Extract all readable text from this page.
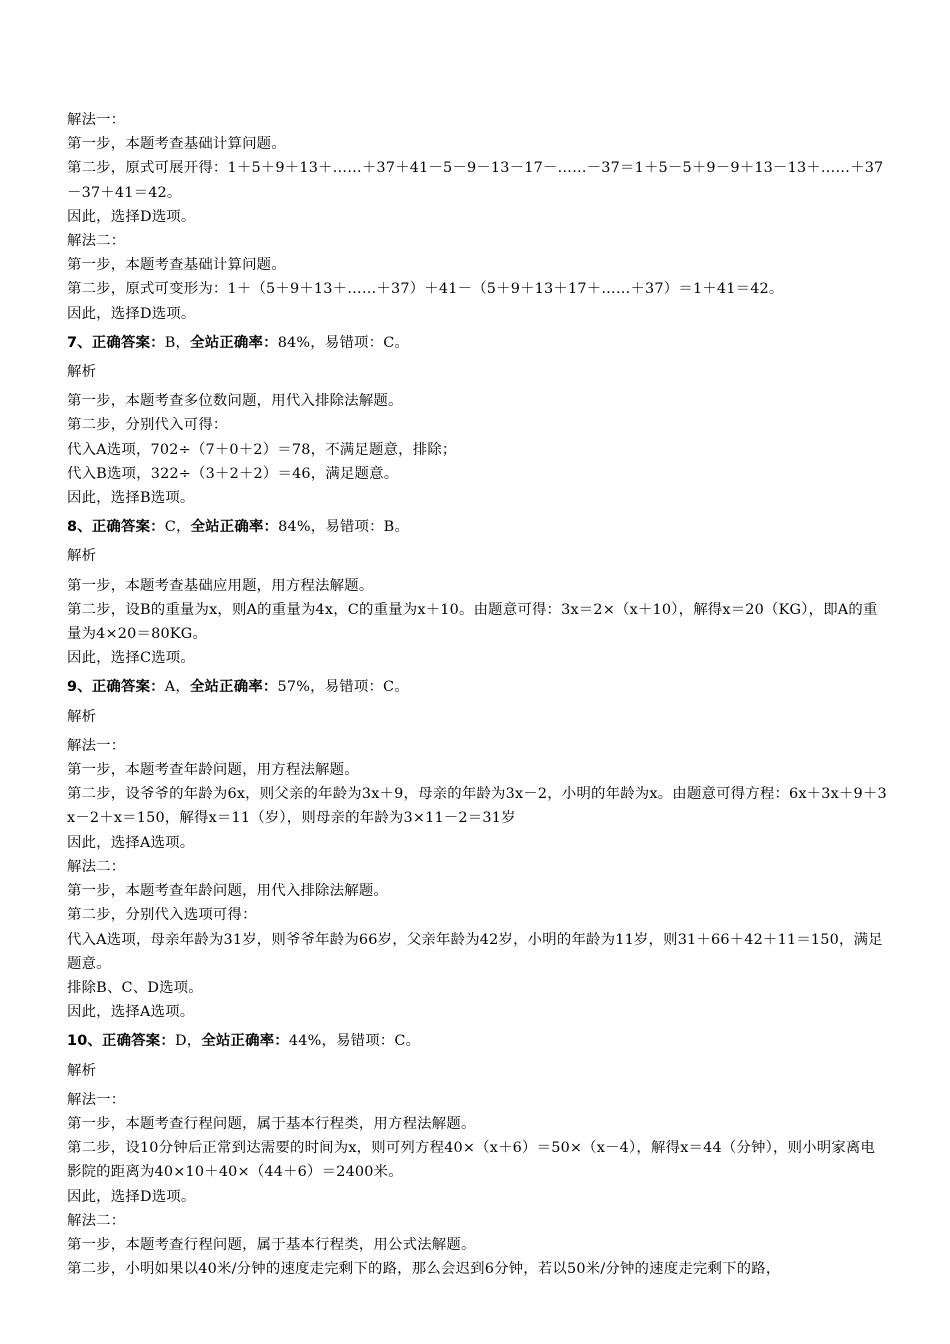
解法一：
第一步，本题考查基础计算问题。
第二步，原式可展开得：1＋5＋9＋13＋……＋37＋41－5－9－13－17－……－37＝1＋5－5＋9－9＋13－13＋……＋37－37＋41＝42。
因此，选择D选项。
解法二：
第一步，本题考查基础计算问题。
第二步，原式可变形为：1＋（5＋9＋13＋……＋37）＋41－（5＋9＋13＋17＋……＋37）＝1＋41＝42。
因此，选择D选项。
7、正确答案：B，全站正确率：84%，易错项：C。
解析
第一步，本题考查多位数问题，用代入排除法解题。
第二步，分别代入可得：
代入A选项，702÷（7＋0＋2）＝78，不满足题意，排除；
代入B选项，322÷（3＋2＋2）＝46，满足题意。
因此，选择B选项。
8、正确答案：C，全站正确率：84%，易错项：B。
解析
第一步，本题考查基础应用题，用方程法解题。
第二步，设B的重量为x，则A的重量为4x，C的重量为x＋10。由题意可得：3x＝2×（x＋10），解得x＝20（KG），即A的重量为4×20＝80KG。
因此，选择C选项。
9、正确答案：A，全站正确率：57%，易错项：C。
解析
解法一：
第一步，本题考查年龄问题，用方程法解题。
第二步，设爷爷的年龄为6x，则父亲的年龄为3x＋9，母亲的年龄为3x－2，小明的年龄为x。由题意可得方程：6x＋3x＋9＋3x－2＋x＝150，解得x＝11（岁），则母亲的年龄为3×11－2＝31岁
因此，选择A选项。
解法二：
第一步，本题考查年龄问题，用代入排除法解题。
第二步，分别代入选项可得：
代入A选项，母亲年龄为31岁，则爷爷年龄为66岁，父亲年龄为42岁，小明的年龄为11岁，则31＋66＋42＋11＝150，满足题意。
排除B、C、D选项。
因此，选择A选项。
10、正确答案：D，全站正确率：44%，易错项：C。
解析
解法一：
第一步，本题考查行程问题，属于基本行程类，用方程法解题。
第二步，设10分钟后正常到达需要的时间为x，则可列方程40×（x＋6）＝50×（x－4），解得x＝44（分钟），则小明家离电影院的距离为40×10＋40×（44＋6）＝2400米。
因此，选择D选项。
解法二：
第一步，本题考查行程问题，属于基本行程类，用公式法解题。
第二步，小明如果以40米/分钟的速度走完剩下的路，那么会迟到6分钟，若以50米/分钟的速度走完剩下的路，
